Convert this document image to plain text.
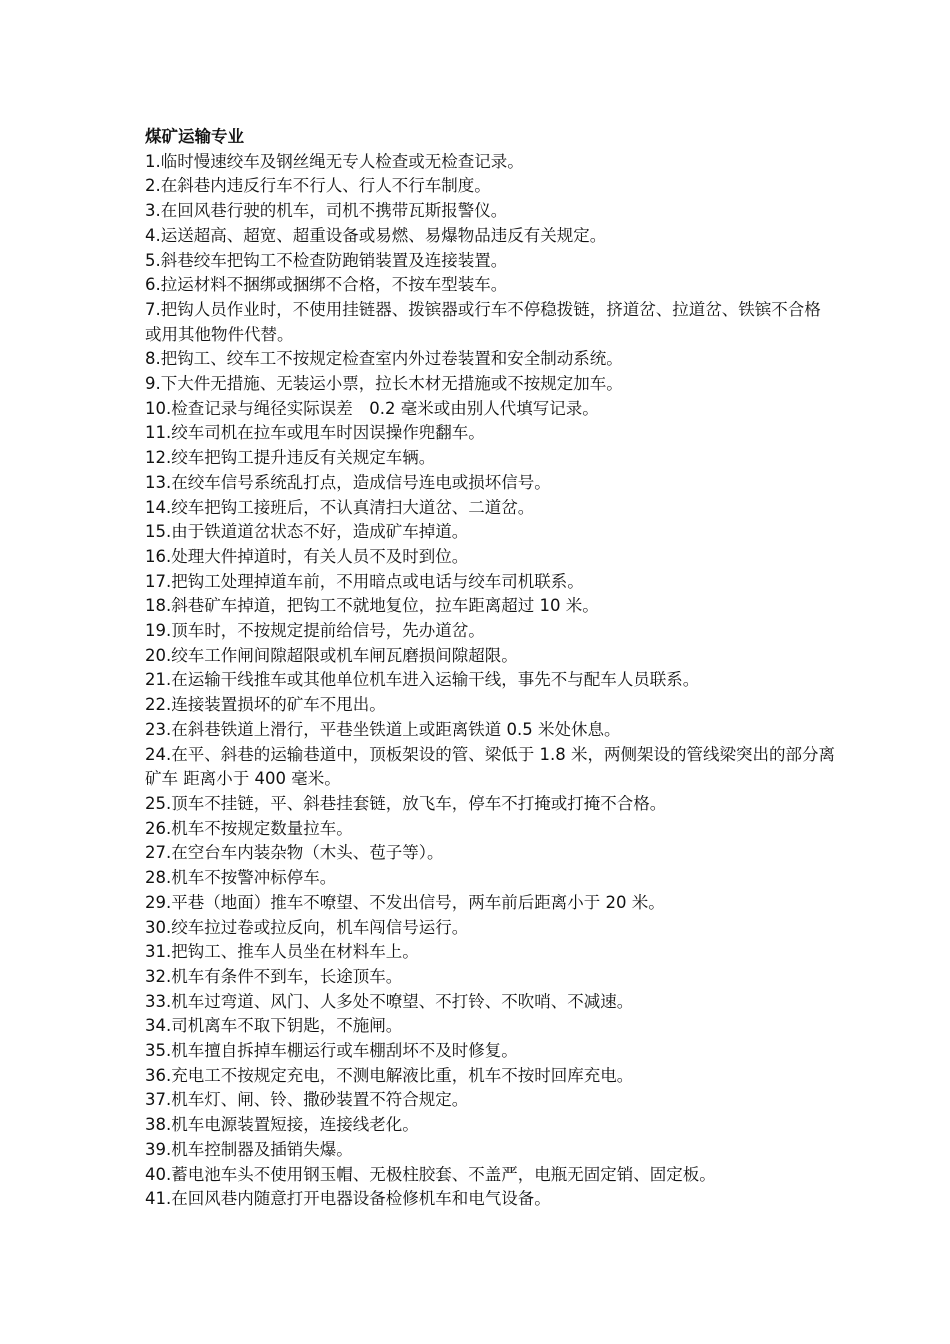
煤矿运输专业
1.临时慢速绞车及钢丝绳无专人检查或无检查记录。
2.在斜巷内违反行车不行人、行人不行车制度。
3.在回风巷行驶的机车，司机不携带瓦斯报警仪。
4.运送超高、超宽、超重设备或易燃、易爆物品违反有关规定。
5.斜巷绞车把钩工不检查防跑销装置及连接装置。
6.拉运材料不捆绑或捆绑不合格，不按车型装车。
7.把钩人员作业时，不使用挂链器、拨镔器或行车不停稳拨链，挤道岔、拉道岔、铁镔不合格或用其他物件代替。
8.把钩工、绞车工不按规定检查室内外过卷装置和安全制动系统。
9.下大件无措施、无装运小票，拉长木材无措施或不按规定加车。
10.检查记录与绳径实际误差　0.2 毫米或由别人代填写记录。
11.绞车司机在拉车或甩车时因误操作兜翻车。
12.绞车把钩工提升违反有关规定车辆。
13.在绞车信号系统乱打点，造成信号连电或损坏信号。
14.绞车把钩工接班后，不认真清扫大道岔、二道岔。
15.由于铁道道岔状态不好，造成矿车掉道。
16.处理大件掉道时，有关人员不及时到位。
17.把钩工处理掉道车前，不用暗点或电话与绞车司机联系。
18.斜巷矿车掉道，把钩工不就地复位，拉车距离超过 10 米。
19.顶车时，不按规定提前给信号，先办道岔。
20.绞车工作闸间隙超限或机车闸瓦磨损间隙超限。
21.在运输干线推车或其他单位机车进入运输干线，事先不与配车人员联系。
22.连接装置损坏的矿车不甩出。
23.在斜巷铁道上滑行，平巷坐铁道上或距离铁道 0.5 米处休息。
24.在平、斜巷的运输巷道中，顶板架设的管、梁低于 1.8 米，两侧架设的管线梁突出的部分离矿车 距离小于 400 毫米。
25.顶车不挂链，平、斜巷挂套链，放飞车，停车不打掩或打掩不合格。
26.机车不按规定数量拉车。
27.在空台车内装杂物（木头、苞子等）。
28.机车不按警冲标停车。
29.平巷（地面）推车不嘹望、不发出信号，两车前后距离小于 20 米。
30.绞车拉过卷或拉反向，机车闯信号运行。
31.把钩工、推车人员坐在材料车上。
32.机车有条件不到车，长途顶车。
33.机车过弯道、风门、人多处不嘹望、不打铃、不吹哨、不减速。
34.司机离车不取下钥匙，不施闸。
35.机车擅自拆掉车棚运行或车棚刮坏不及时修复。
36.充电工不按规定充电，不测电解液比重，机车不按时回库充电。
37.机车灯、闸、铃、撒砂装置不符合规定。
38.机车电源装置短接，连接线老化。
39.机车控制器及插销失爆。
40.蓄电池车头不使用钢玉帽、无极柱胶套、不盖严，电瓶无固定销、固定板。
41.在回风巷内随意打开电器设备检修机车和电气设备。
